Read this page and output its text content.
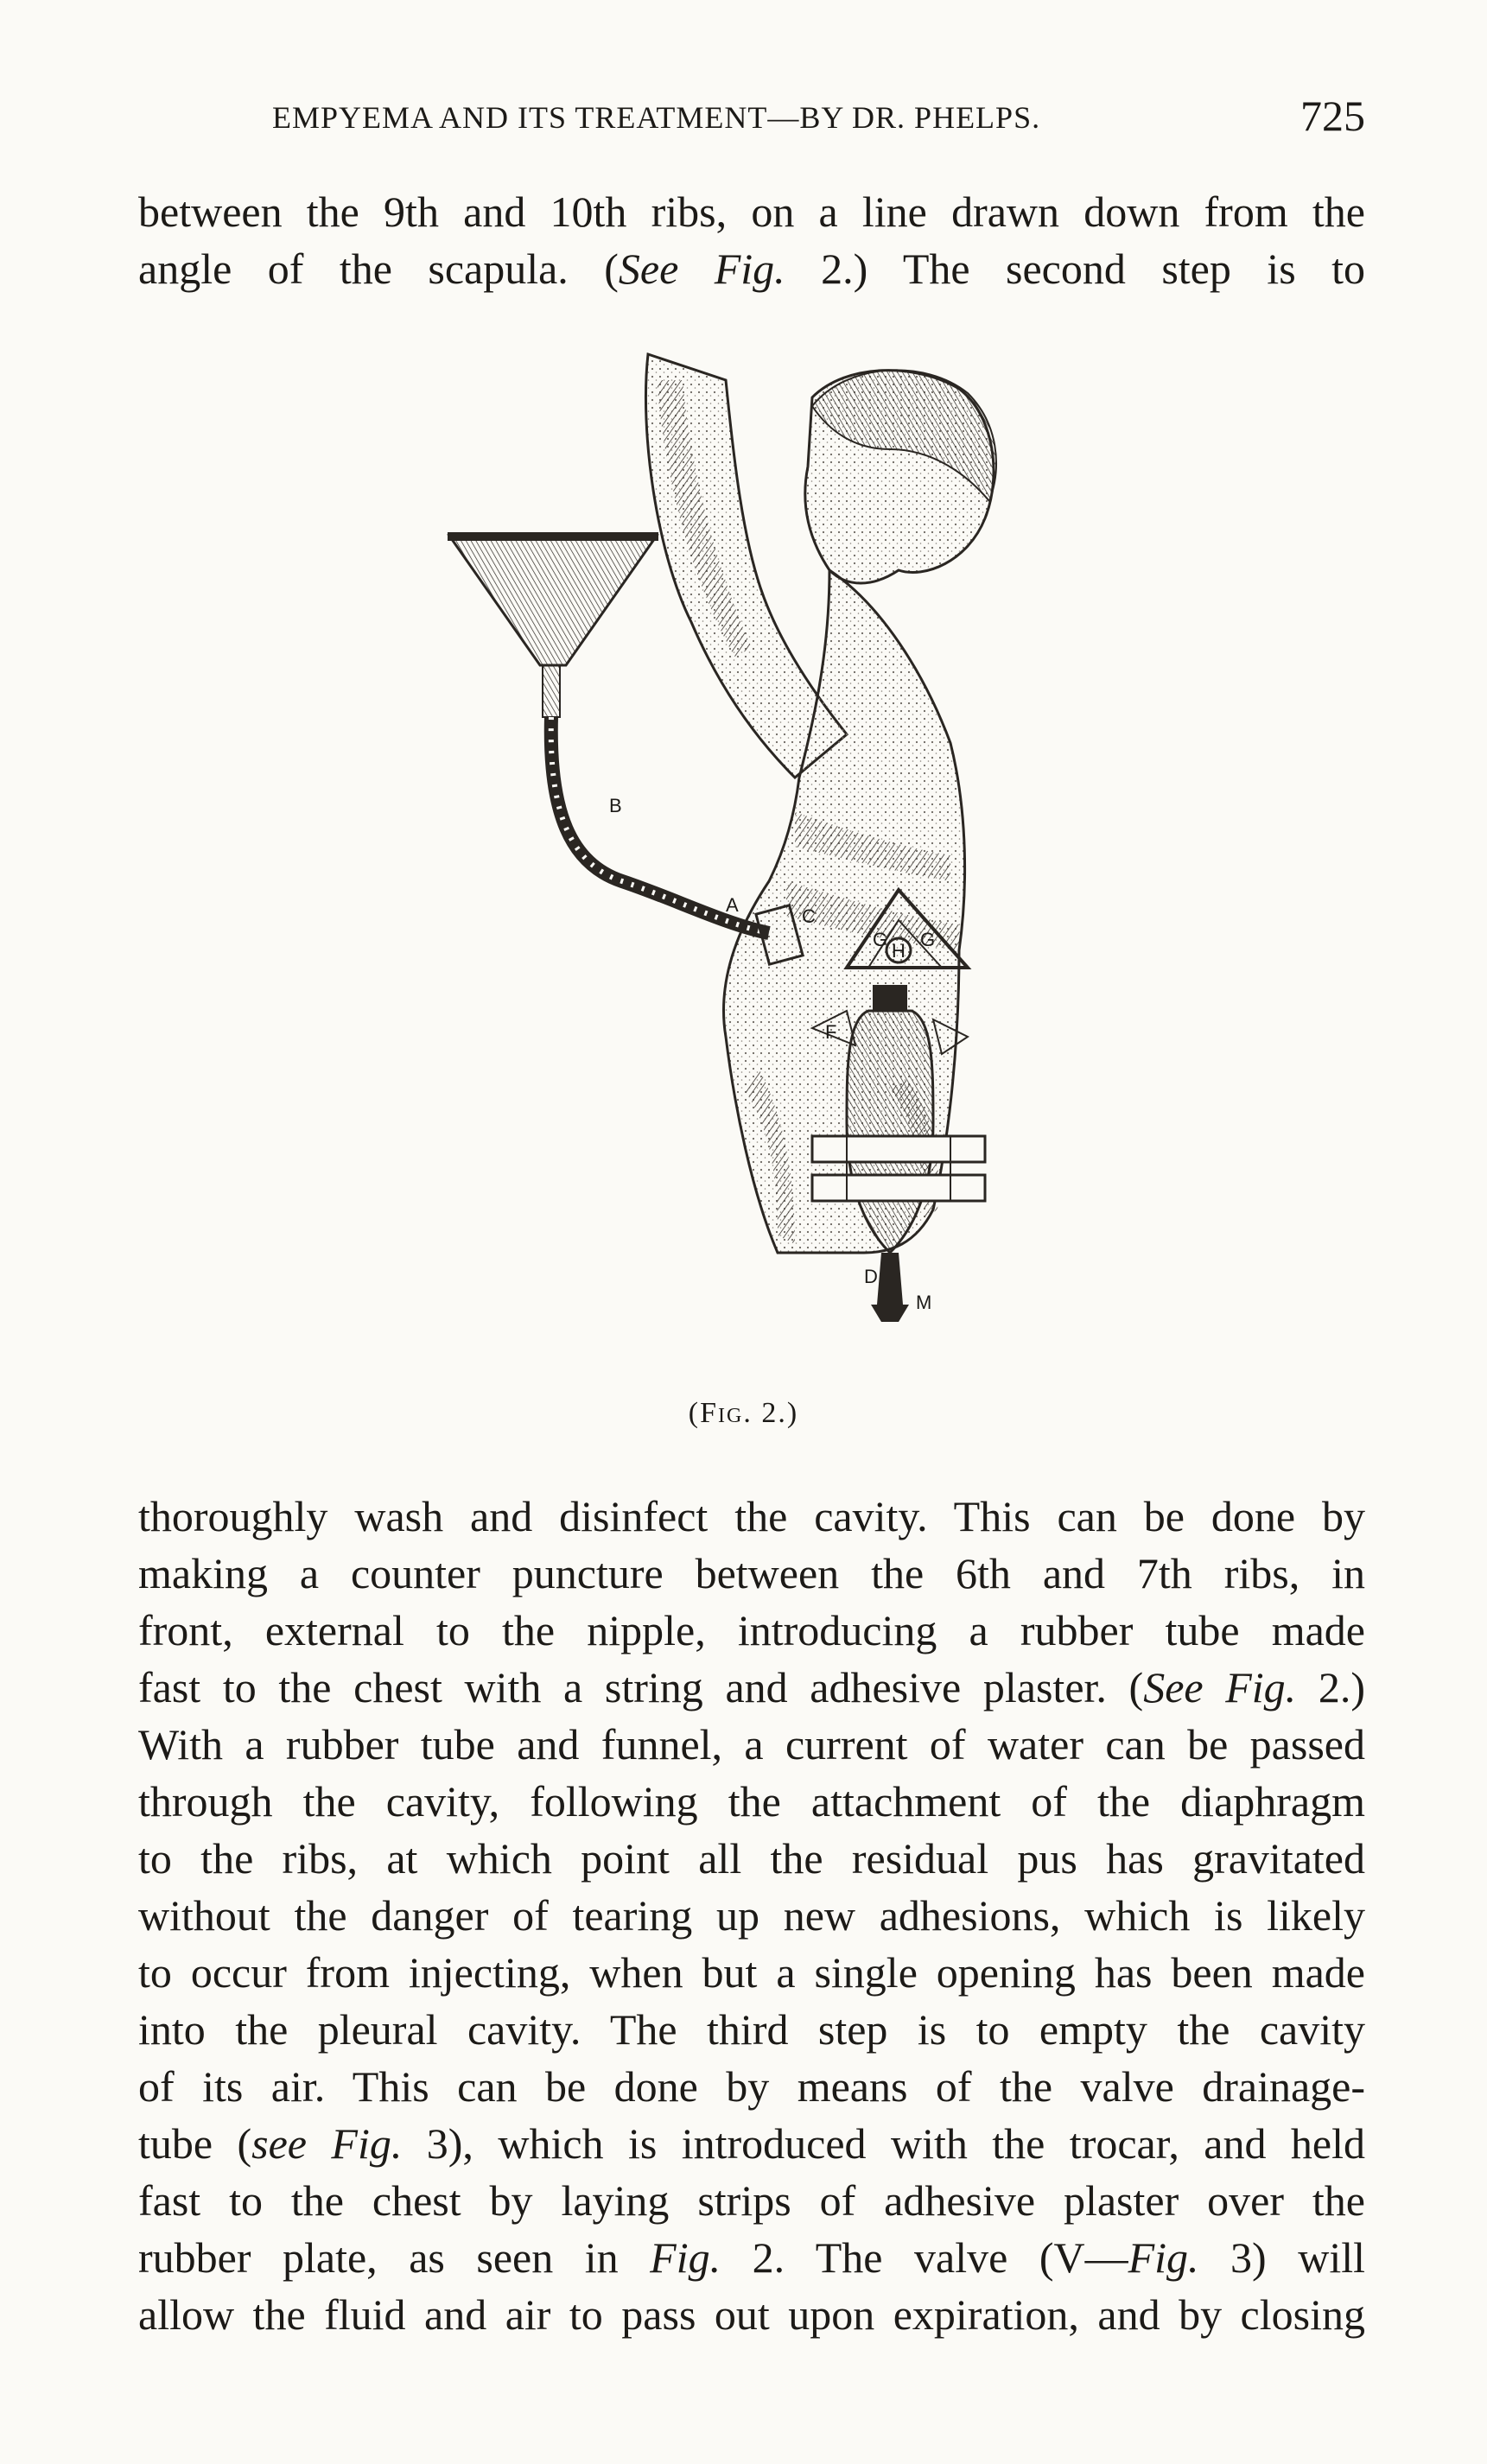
EMPYEMA AND ITS TREATMENT—BY DR. PHELPS.	725
between the 9th and 10th ribs, on a line drawn down from the
angle of the scapula. (See Fig. 2.) The second step is to
B
A
C
G G
H
F
D
M
(Fig. 2.)
thoroughly wash and disinfect the cavity. This can be done by
making a counter puncture between the 6th and 7th ribs, in
front, external to the nipple, introducing a rubber tube made
fast to the chest with a string and adhesive plaster. (See Fig. 2.)
With a rubber tube and funnel, a current of water can be passed
through the cavity, following the attachment of the diaphragm
to the ribs, at which point all the residual pus has gravitated
without the danger of tearing up new adhesions, which is likely
to occur from injecting, when but a single opening has been made
into the pleural cavity. The third step is to empty the cavity
of its air. This can be done by means of the valve drainage-
tube (see Fig. 3), which is introduced with the trocar, and held
fast to the chest by laying strips of adhesive plaster over the
rubber plate, as seen in Fig. 2. The valve (V—Fig. 3) will
allow the fluid and air to pass out upon expiration, and by closing
